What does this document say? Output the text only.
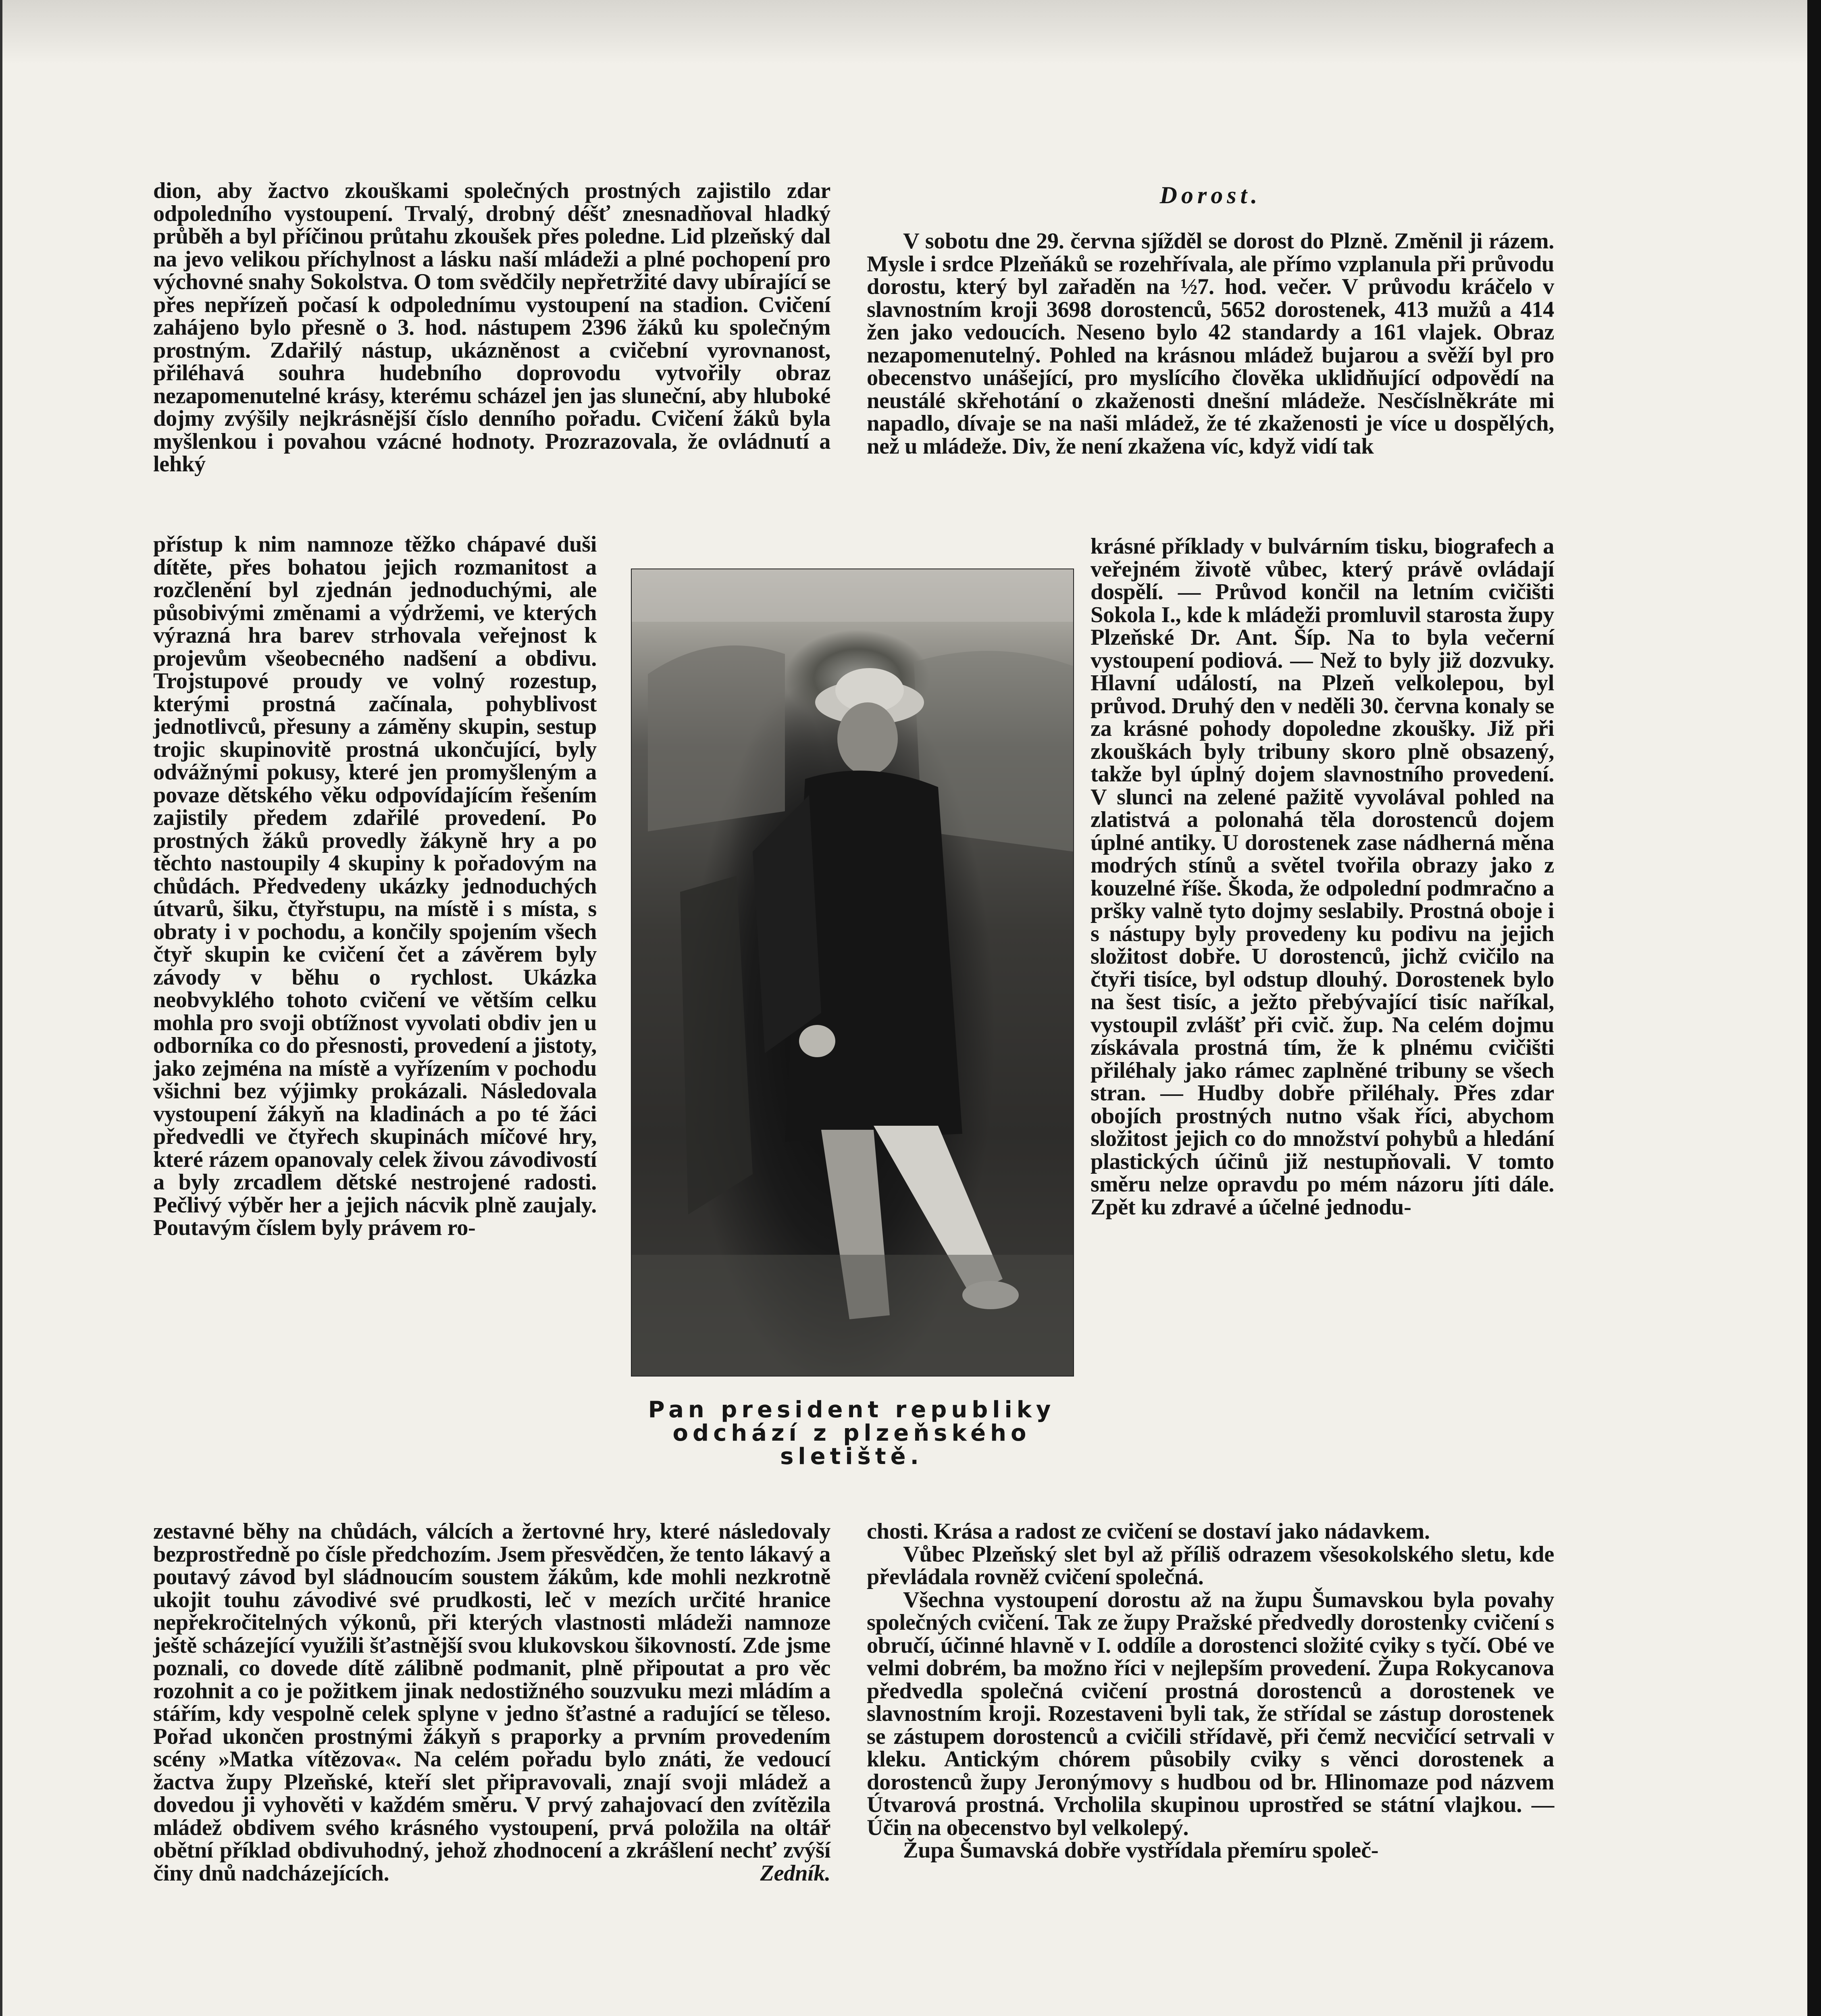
dion, aby žactvo zkouškami společných prostných zajistilo zdar odpoledního vystoupení. Trvalý, drobný déšť znesnadňoval hladký průběh a byl příčinou průtahu zkoušek přes poledne. Lid plzeňský dal na jevo velikou příchylnost a lásku naší mládeži a plné pochopení pro výchovné snahy Sokolstva. O tom svědčily nepřetržité davy ubírající se přes nepřízeň počasí k odpolednímu vystoupení na stadion. Cvičení zahájeno bylo přesně o 3. hod. nástupem 2396 žáků ku společným prostným. Zdařilý nástup, ukázněnost a cvičební vyrovnanost, přiléhavá souhra hudebního doprovodu vytvořily obraz nezapomenutelné krásy, kterému scházel jen jas sluneční, aby hluboké dojmy zvýšily nejkrásnější číslo denního pořadu. Cvičení žáků byla myšlenkou i povahou vzácné hodnoty. Prozrazovala, že ovládnutí a lehký

přístup k nim namnoze těžko chápavé duši dítěte, přes bohatou jejich rozmanitost a rozčlenění byl zjednán jednoduchými, ale působivými změnami a výdržemi, ve kterých výrazná hra barev strhovala veřejnost k projevům všeobecného nadšení a obdivu. Trojstupové proudy ve volný rozestup, kterými prostná začínala, pohyblivost jednotlivců, přesuny a záměny skupin, sestup trojic skupinovitě prostná ukončující, byly odvážnými pokusy, které jen promyšleným a povaze dětského věku odpovídajícím řešením zajistily předem zdařilé provedení. Po prostných žáků provedly žákyně hry a po těchto nastoupily 4 skupiny k pořadovým na chůdách. Předvedeny ukázky jednoduchých útvarů, šiku, čtyřstupu, na místě i s místa, s obraty i v pochodu, a končily spojením všech čtyř skupin ke cvičení čet a závěrem byly závody v běhu o rychlost. Ukázka neobvyklého tohoto cvičení ve větším celku mohla pro svoji obtížnost vyvolati obdiv jen u odborníka co do přesnosti, provedení a jistoty, jako zejména na místě a vyřízením v pochodu všichni bez výjimky prokázali. Následovala vystoupení žákyň na kladinách a po té žáci předvedli ve čtyřech skupinách míčové hry, které rázem opanovaly celek živou závodivostí a byly zrcadlem dětské nestrojené radosti. Pečlivý výběr her a jejich nácvik plně zaujaly. Poutavým číslem byly právem ro-

zestavné běhy na chůdách, válcích a žertovné hry, které následovaly bezprostředně po čísle předchozím. Jsem přesvědčen, že tento lákavý a poutavý závod byl sládnoucím soustem žákům, kde mohli nezkrotně ukojit touhu závodivé své prudkosti, leč v mezích určité hranice nepřekročitelných výkonů, při kterých vlastnosti mládeži namnoze ještě scházející využili šťastnější svou klukovskou šikovností. Zde jsme poznali, co dovede dítě zálibně podmanit, plně připoutat a pro věc rozohnit a co je požitkem jinak nedostižného souzvuku mezi mládím a stářím, kdy vespolně celek splyne v jedno šťastné a radující se těleso. Pořad ukončen prostnými žákyň s praporky a prvním provedením scény »Matka vítězova«. Na celém pořadu bylo znáti, že vedoucí žactva župy Plzeňské, kteří slet připravovali, znají svoji mládež a dovedou ji vyhověti v každém směru. V prvý zahajovací den zvítězila mládež obdivem svého krásného vystoupení, prvá položila na oltář obětní příklad obdivuhodný, jehož zhodnocení a zkrášlení nechť zvýší činy dnů nadcházejících.	Zedník.

Dorost.

V sobotu dne 29. června sjížděl se dorost do Plzně. Změnil ji rázem. Mysle i srdce Plzeňáků se rozehřívala, ale přímo vzplanula při průvodu dorostu, který byl zařaděn na ½7. hod. večer. V průvodu kráčelo v slavnostním kroji 3698 dorostenců, 5652 dorostenek, 413 mužů a 414 žen jako vedoucích. Neseno bylo 42 standardy a 161 vlajek. Obraz nezapomenutelný. Pohled na krásnou mládež bujarou a svěží byl pro obecenstvo unášející, pro myslícího člověka uklidňující odpovědí na neustálé skřehotání o zkaženosti dnešní mládeže. Nesčíslněkráte mi napadlo, dívaje se na naši mládež, že té zkaženosti je více u dospělých, než u mládeže. Div, že není zkažena víc, když vidí tak

krásné příklady v bulvárním tisku, biografech a veřejném životě vůbec, který právě ovládají dospělí. — Průvod končil na letním cvičišti Sokola I., kde k mládeži promluvil starosta župy Plzeňské Dr. Ant. Šíp. Na to byla večerní vystoupení podiová. — Než to byly již dozvuky. Hlavní událostí, na Plzeň velkolepou, byl průvod. Druhý den v neděli 30. června konaly se za krásné pohody dopoledne zkoušky. Již při zkouškách byly tribuny skoro plně obsazený, takže byl úplný dojem slavnostního provedení. V slunci na zelené pažitě vyvolával pohled na zlatistvá a polonahá těla dorostenců dojem úplné antiky. U dorostenek zase nádherná měna modrých stínů a světel tvořila obrazy jako z kouzelné říše. Škoda, že odpolední podmračno a pršky valně tyto dojmy seslabily. Prostná oboje i s nástupy byly provedeny ku podivu na jejich složitost dobře. U dorostenců, jichž cvičilo na čtyři tisíce, byl odstup dlouhý. Dorostenek bylo na šest tisíc, a ježto přebývající tisíc naříkal, vystoupil zvlášť při cvič. žup. Na celém dojmu získávala prostná tím, že k plnému cvičišti přiléhaly jako rámec zaplněné tribuny se všech stran. — Hudby dobře přiléhaly. Přes zdar obojích prostných nutno však říci, abychom složitost jejich co do množství pohybů a hledání plastických účinů již nestupňovali. V tomto směru nelze opravdu po mém názoru jíti dále. Zpět ku zdravé a účelné jednodu-

chosti. Krása a radost ze cvičení se dostaví jako nádavkem.

Vůbec Plzeňský slet byl až příliš odrazem všesokolského sletu, kde převládala rovněž cvičení společná.

Všechna vystoupení dorostu až na župu Šumavskou byla povahy společných cvičení. Tak ze župy Pražské předvedly dorostenky cvičení s obručí, účinné hlavně v I. oddíle a dorostenci složité cviky s tyčí. Obé ve velmi dobrém, ba možno říci v nejlepším provedení. Župa Rokycanova předvedla společná cvičení prostná dorostenců a dorostenek ve slavnostním kroji. Rozestaveni byli tak, že střídal se zástup dorostenek se zástupem dorostenců a cvičili střídavě, při čemž necvičící setrvali v kleku. Antickým chórem působily cviky s věnci dorostenek a dorostenců župy Jeronýmovy s hudbou od br. Hlinomaze pod názvem Útvarová prostná. Vrcholila skupinou uprostřed se státní vlajkou. — Účin na obecenstvo byl velkolepý.

Župa Šumavská dobře vystřídala přemíru společ-

Pan president republiky odchází z plzeňského sletiště.
